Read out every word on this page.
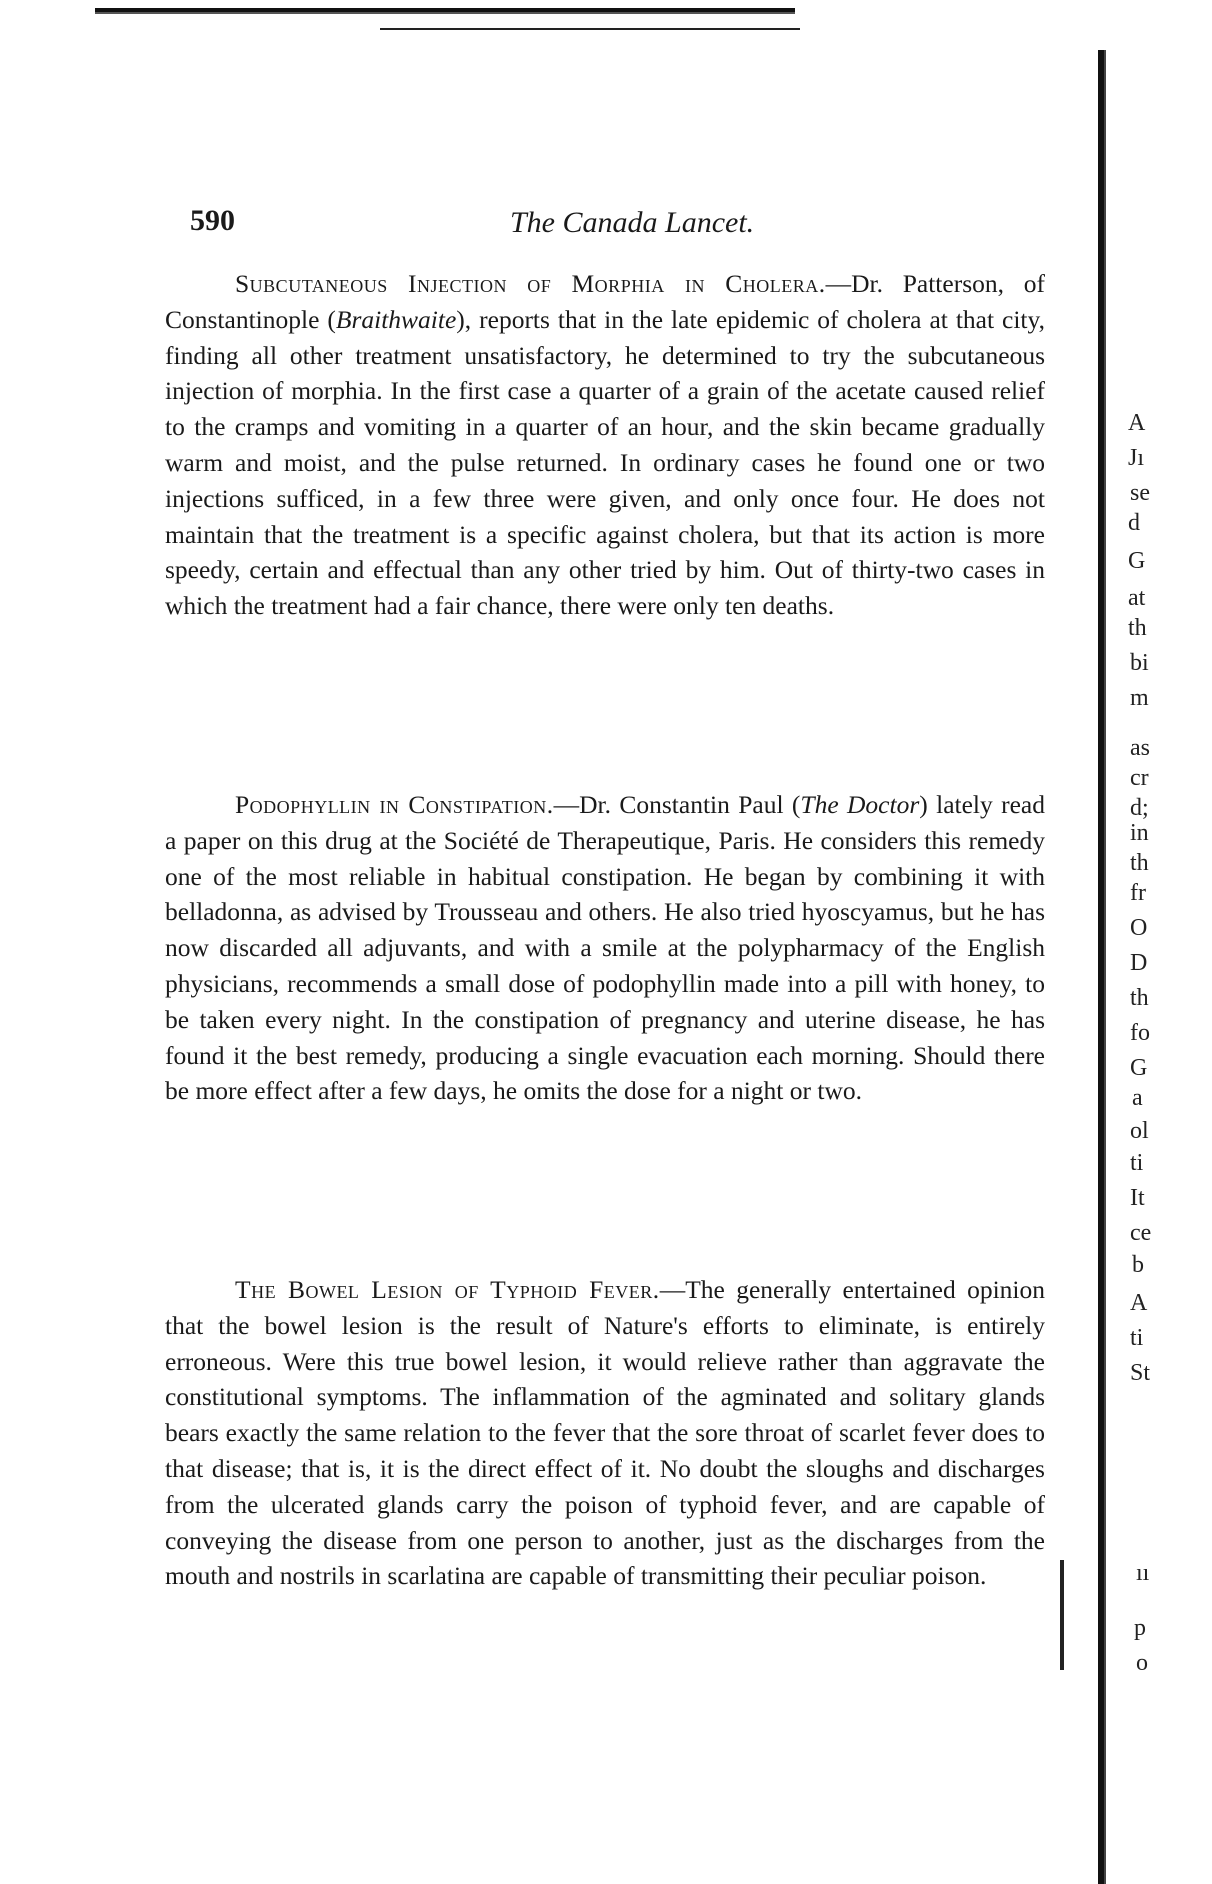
590	The Canada Lancet.

Subcutaneous Injection of Morphia in Cholera.—Dr. Patterson, of Constantinople (Braithwaite), reports that in the late epidemic of cholera at that city, finding all other treatment unsatisfactory, he determined to try the subcutaneous injection of morphia. In the first case a quarter of a grain of the acetate caused relief to the cramps and vomiting in a quarter of an hour, and the skin became gradually warm and moist, and the pulse returned. In ordinary cases he found one or two injections sufficed, in a few three were given, and only once four. He does not maintain that the treatment is a specific against cholera, but that its action is more speedy, certain and effectual than any other tried by him. Out of thirty-two cases in which the treatment had a fair chance, there were only ten deaths.

Podophyllin in Constipation.—Dr. Constantin Paul (The Doctor) lately read a paper on this drug at the Société de Therapeutique, Paris. He considers this remedy one of the most reliable in habitual constipation. He began by combining it with belladonna, as advised by Trousseau and others. He also tried hyoscyamus, but he has now discarded all adjuvants, and with a smile at the polypharmacy of the English physicians, recommends a small dose of podophyllin made into a pill with honey, to be taken every night. In the constipation of pregnancy and uterine disease, he has found it the best remedy, producing a single evacuation each morning. Should there be more effect after a few days, he omits the dose for a night or two.

The Bowel Lesion of Typhoid Fever.—The generally entertained opinion that the bowel lesion is the result of Nature's efforts to eliminate, is entirely erroneous. Were this true bowel lesion, it would relieve rather than aggravate the constitutional symptoms. The inflammation of the agminated and solitary glands bears exactly the same relation to the fever that the sore throat of scarlet fever does to that disease; that is, it is the direct effect of it. No doubt the sloughs and discharges from the ulcerated glands carry the poison of typhoid fever, and are capable of conveying the disease from one person to another, just as the discharges from the mouth and nostrils in scarlatina are capable of transmitting their peculiar poison.

A
Jı
se
d
G
at
th
bi
m
as
cr
d;
in
th
fr
O
D
th
fo
G
a
ol
ti
It
ce
b
A
ti
St
ıı
p
o
